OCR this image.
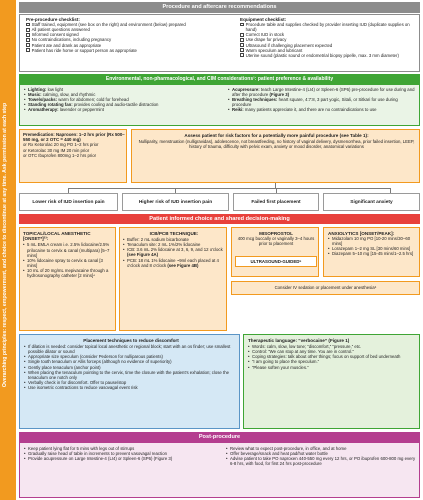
Overarching principles: respect, empowerment, and choice to discontinue at any time. Ask permission at each step
Procedure and aftercare recommendations
Pre-procedure checklist:
Staff trained, equipment (see box on the right) and environment (below) prepared
All patient questions answered
Informed consent signed
No contraindications, including pregnancy
Patient ate and drank as appropriate
Patient has ride home or support person as appropriate
Equipment checklist:
Procedure table and supplies checked by provider inserting IUD (duplicate supplies on hand)
Correct IUD in stock
Use drape for privacy
Ultrasound if challenging placement expected
Warm speculum and lubricant
Uterine sound (plastic sound or endometrial biopsy pipelle, max. 3 mm diameter)
Environmental, non-pharmacological, and CIM considerations¹: patient preference & availability
• Lighting: low light
• Music: calming, slow, and rhythmic
• Towels/packs: warm for abdomen; cold for forehead
• Standing rotating fan: provides cooling and audio-tactile distraction
• Aromatherapy: lavender or peppermint
• Acupressure: teach Large Intestine-4 (LI4) or Spleen-6 (SP6) pre-procedure for use during and after the procedure (Figure 3)
• Breathing techniques: heart square, 4:7:8, 3 part yogic, Sitali, or Sitkari for use during procedure
• Reiki: many patients appreciate it, and there are no contraindications to use
Premedication: Naproxen: 1–2 hrs prior (Rx 500–550 mg, or 2 OTC = 440 mg)
or Rx Ketorolac 20 mg PO 1–2 hrs prior
or Ketorolac 30 mg IM 20 min prior
or OTC Ibuprofen 800mg 1–2 hrs prior
Assess patient for risk factors for a potentially more painful procedure (see Table 1):
Nulliparity, menstruation (nulligravidas), adolescence, not breastfeeding, no history of vaginal delivery, dysmenorrhea, prior failed insertion, LEEP, history of trauma, difficulty with pelvic exam, anxiety or mood disorder, anatomical variations
Lower risk of IUD insertion pain	Higher risk of IUD insertion pain	Failed first placement	Significant anxiety
Patient informed choice and shared decision-making
TOPICAL/LOCAL ANESTHETIC [ONSET*]²³:
• 5 mL EMLA cream i.e. 2.5% lidocaine/2.5% prilocaine to cervix & canal (multipara) [5–7 mins]
• 10% lidocaine spray to cervix & canal [3 mins]
• 10 mL of 20 mg/mL mepivacaine through a hydrosonography catheter [2 mins]⁴
ICB/PCB TECHNIQUE:
• Buffer: 2 mL sodium bicarbonate
• Tenaculum site: 2 mL 1%/2% lidocaine
• ICB: 3.6 mL 2% lidocaine at 3, 6, 9, and 12 o'clock (see Figure 4A)
• PCB: 18 mL 1% lidocaine ~9ml each placed at 4 o'clock and 8 o'clock (see Figure 4B)
MISOPROSTOL
400 mcg buccally or vaginally 3–4 hours prior to placement
ULTRASOUND-GUIDED⁵
ANXIOLYTICS [ONSET/PEAK]:
• Midazolam 10 mg PO [10-20 mins/30–60 mins]
• Lorazepam 1–2 mg SL [30 mins/60 mins]
• Diazepam 5–10 mg [15-45 mins/1–2.5 hrs]
Consider IV sedation or placement under anesthesia⁶
Placement techniques to reduce discomfort
• If dilation is needed: consider topical local anesthetic or regional block; start with an os finder; use smallest possible dilator or sound
• Appropriate size speculum (consider Pederson for nulliparous patients)
• Single tooth tenaculum or Allis forceps (although no evidence of superiority)
• Gently place tenaculum (anchor point)
• When placing the tenaculum pointing to the cervix, time the closure with the patient's exhalation; close the tenaculum one notch only
• Verbally check in for discomfort. Offer to pause/stop
• Use isometric contractions to reduce vasovagal event risk
Therapeutic language: “verbocaine” (Figure 1)
• Words: calm, slow, low tone; “discomfort,” “pressure,” etc.
• Control: “We can stop at any time. You are in control.”
• Coping strategies: talk about other things; focus on support of bed underneath
• “I am going to place the speculum.”
• “Please soften your muscles.”
Post-procedure
• Keep patient lying flat for 5 mins with legs out of stirrups
• Gradually raise head of table in increments to prevent vasovagal reaction
• Provide acupressure on Large Intestine-4 (LI4) or Spleen-6 (SP6) (Figure 3)
• Review what to expect post-procedure, in office, and at home
• Offer beverage/snack and heat pad/hot water bottle
• Advise patient to take PO naproxen 440-550 mg every 12 hrs, or PO ibuprofen 600-800 mg every 6-8 hrs, with food, for first 24 hrs post-procedure
